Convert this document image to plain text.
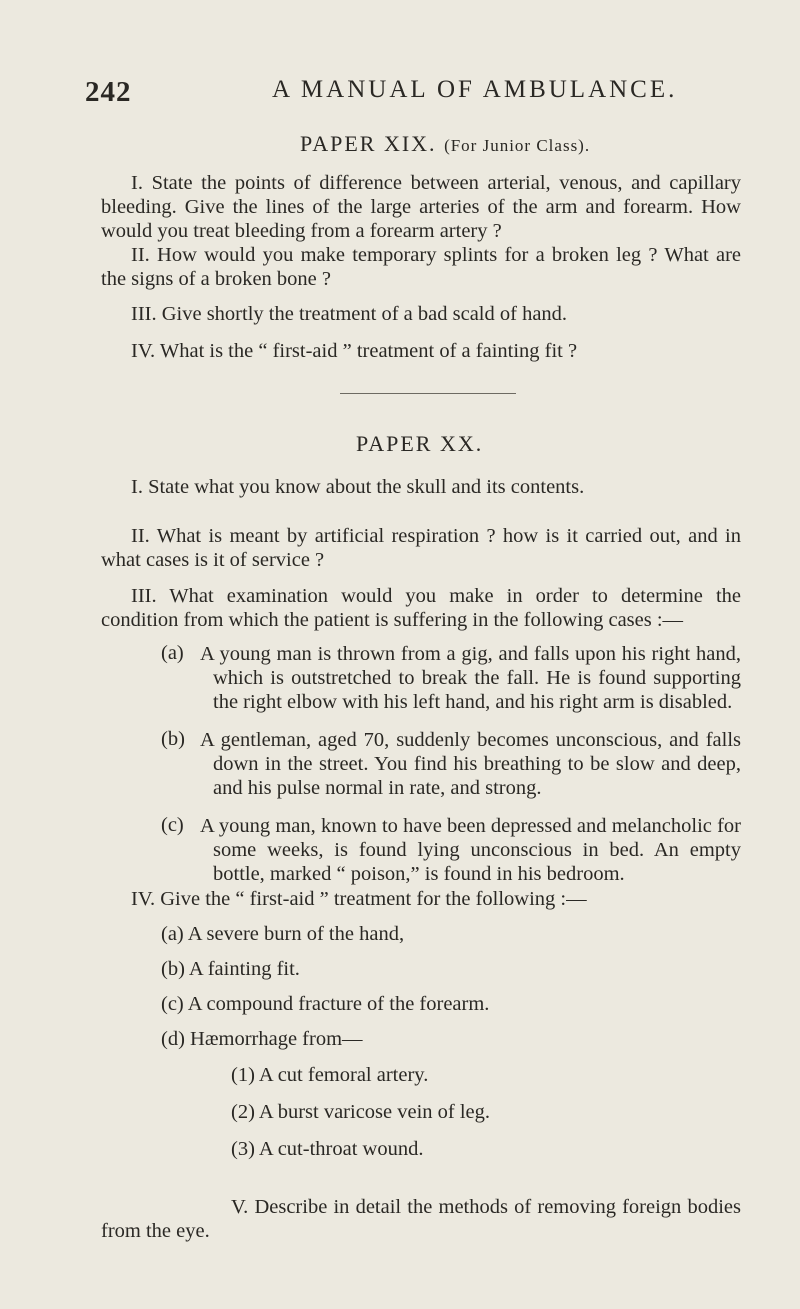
242	A MANUAL OF AMBULANCE.
PAPER XIX. (For Junior Class).
I. State the points of difference between arterial, venous, and capillary bleeding. Give the lines of the large arteries of the arm and forearm. How would you treat bleeding from a forearm artery ?
II. How would you make temporary splints for a broken leg ? What are the signs of a broken bone ?
III. Give shortly the treatment of a bad scald of hand.
IV. What is the “ first-aid ” treatment of a fainting fit ?
PAPER XX.
I. State what you know about the skull and its contents.
II. What is meant by artificial respiration ? how is it carried out, and in what cases is it of service ?
III. What examination would you make in order to determine the condition from which the patient is suffering in the following cases :—
(a) A young man is thrown from a gig, and falls upon his right hand, which is outstretched to break the fall. He is found supporting the right elbow with his left hand, and his right arm is disabled.
(b) A gentleman, aged 70, suddenly becomes unconscious, and falls down in the street. You find his breathing to be slow and deep, and his pulse normal in rate, and strong.
(c) A young man, known to have been depressed and melancholic for some weeks, is found lying unconscious in bed. An empty bottle, marked “ poison,” is found in his bedroom.
IV. Give the “ first-aid ” treatment for the following :—
(a) A severe burn of the hand,
(b) A fainting fit.
(c) A compound fracture of the forearm.
(d) Hæmorrhage from—
(1) A cut femoral artery.
(2) A burst varicose vein of leg.
(3) A cut-throat wound.
V. Describe in detail the methods of removing foreign bodies from the eye.
